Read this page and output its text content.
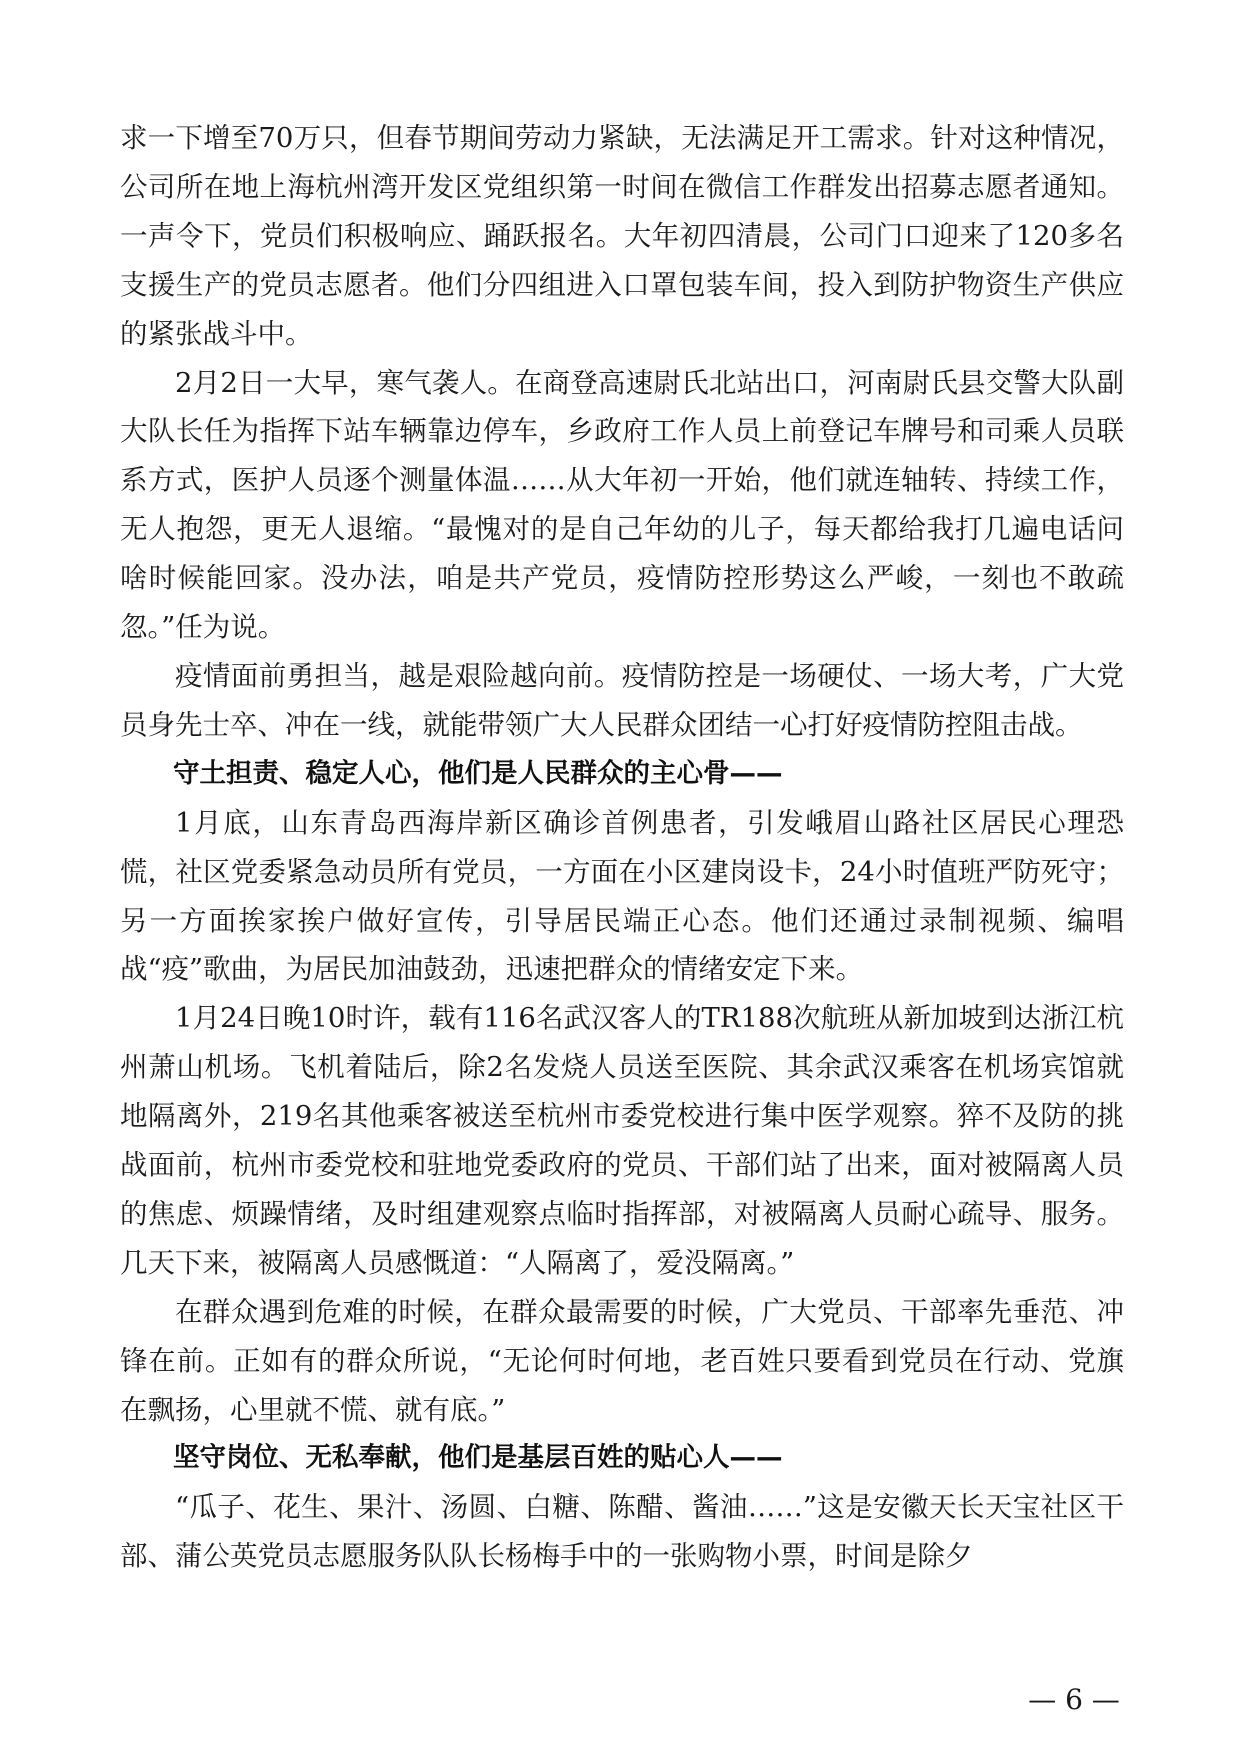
求一下增至70万只，但春节期间劳动力紧缺，无法满足开工需求。针对这种情况，公司所在地上海杭州湾开发区党组织第一时间在微信工作群发出招募志愿者通知。一声令下，党员们积极响应、踊跃报名。大年初四清晨，公司门口迎来了120多名支援生产的党员志愿者。他们分四组进入口罩包装车间，投入到防护物资生产供应的紧张战斗中。

2月2日一大早，寒气袭人。在商登高速尉氏北站出口，河南尉氏县交警大队副大队长任为指挥下站车辆靠边停车，乡政府工作人员上前登记车牌号和司乘人员联系方式，医护人员逐个测量体温……从大年初一开始，他们就连轴转、持续工作，无人抱怨，更无人退缩。“最愧对的是自己年幼的儿子，每天都给我打几遍电话问啥时候能回家。没办法，咱是共产党员，疫情防控形势这么严峻，一刻也不敢疏忽。”任为说。

疫情面前勇担当，越是艰险越向前。疫情防控是一场硬仗、一场大考，广大党员身先士卒、冲在一线，就能带领广大人民群众团结一心打好疫情防控阻击战。

守土担责、稳定人心，他们是人民群众的主心骨——

1月底，山东青岛西海岸新区确诊首例患者，引发峨眉山路社区居民心理恐慌，社区党委紧急动员所有党员，一方面在小区建岗设卡，24小时值班严防死守；另一方面挨家挨户做好宣传，引导居民端正心态。他们还通过录制视频、编唱战“疫”歌曲，为居民加油鼓劲，迅速把群众的情绪安定下来。

1月24日晚10时许，载有116名武汉客人的TR188次航班从新加坡到达浙江杭州萧山机场。飞机着陆后，除2名发烧人员送至医院、其余武汉乘客在机场宾馆就地隔离外，219名其他乘客被送至杭州市委党校进行集中医学观察。猝不及防的挑战面前，杭州市委党校和驻地党委政府的党员、干部们站了出来，面对被隔离人员的焦虑、烦躁情绪，及时组建观察点临时指挥部，对被隔离人员耐心疏导、服务。几天下来，被隔离人员感慨道：“人隔离了，爱没隔离。”

在群众遇到危难的时候，在群众最需要的时候，广大党员、干部率先垂范、冲锋在前。正如有的群众所说，“无论何时何地，老百姓只要看到党员在行动、党旗在飘扬，心里就不慌、就有底。”

坚守岗位、无私奉献，他们是基层百姓的贴心人——

“瓜子、花生、果汁、汤圆、白糖、陈醋、酱油……”这是安徽天长天宝社区干部、蒲公英党员志愿服务队队长杨梅手中的一张购物小票，时间是除夕

— 6 —
